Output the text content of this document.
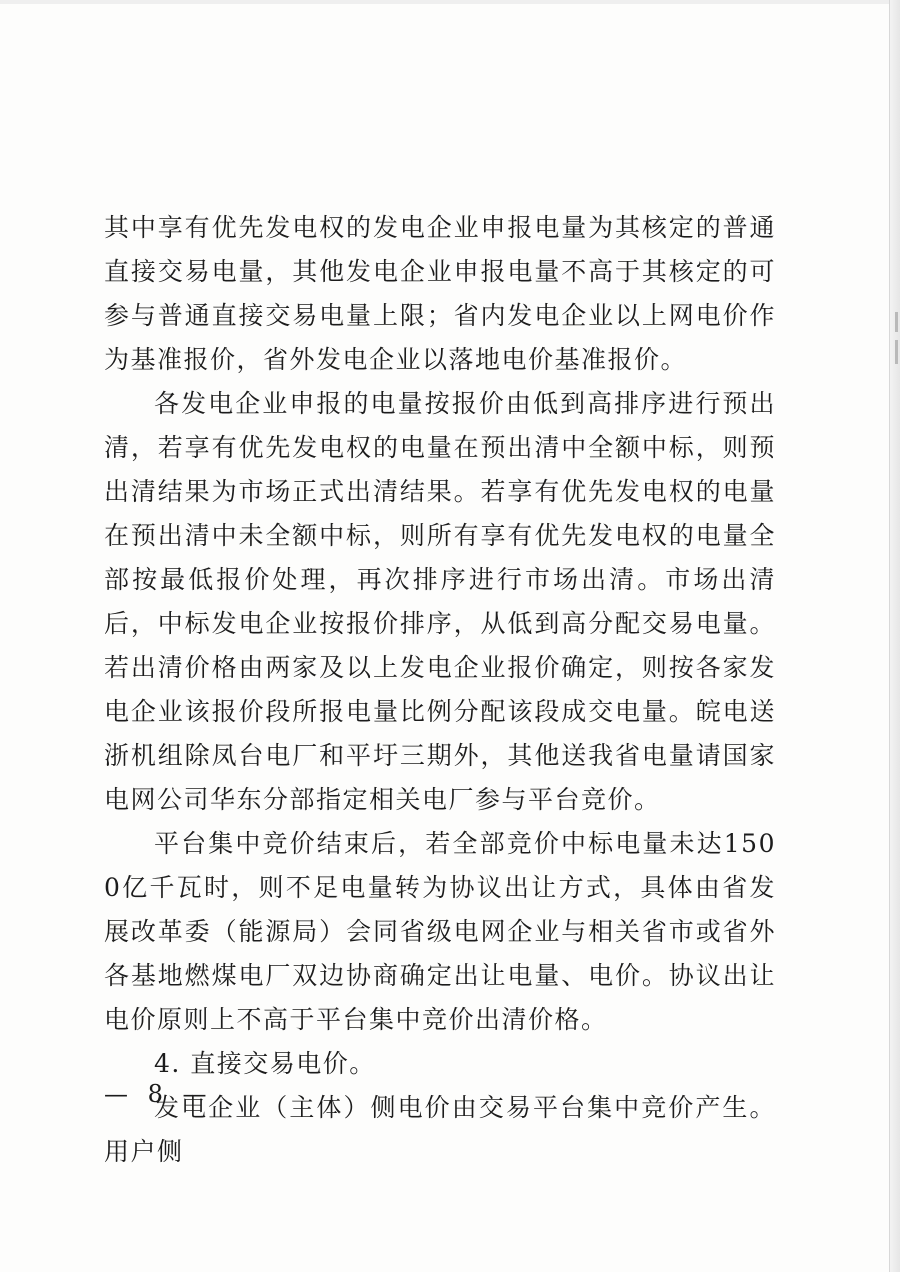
其中享有优先发电权的发电企业申报电量为其核定的普通直接交易电量，其他发电企业申报电量不高于其核定的可参与普通直接交易电量上限；省内发电企业以上网电价作为基准报价，省外发电企业以落地电价基准报价。

各发电企业申报的电量按报价由低到高排序进行预出清，若享有优先发电权的电量在预出清中全额中标，则预出清结果为市场正式出清结果。若享有优先发电权的电量在预出清中未全额中标，则所有享有优先发电权的电量全部按最低报价处理，再次排序进行市场出清。市场出清后，中标发电企业按报价排序，从低到高分配交易电量。若出清价格由两家及以上发电企业报价确定，则按各家发电企业该报价段所报电量比例分配该段成交电量。皖电送浙机组除凤台电厂和平圩三期外，其他送我省电量请国家电网公司华东分部指定相关电厂参与平台竞价。

平台集中竞价结束后，若全部竞价中标电量未达1500亿千瓦时，则不足电量转为协议出让方式，具体由省发展改革委（能源局）会同省级电网企业与相关省市或省外各基地燃煤电厂双边协商确定出让电量、电价。协议出让电价原则上不高于平台集中竞价出清价格。

4. 直接交易电价。

发电企业（主体）侧电价由交易平台集中竞价产生。用户侧

— 8 —
